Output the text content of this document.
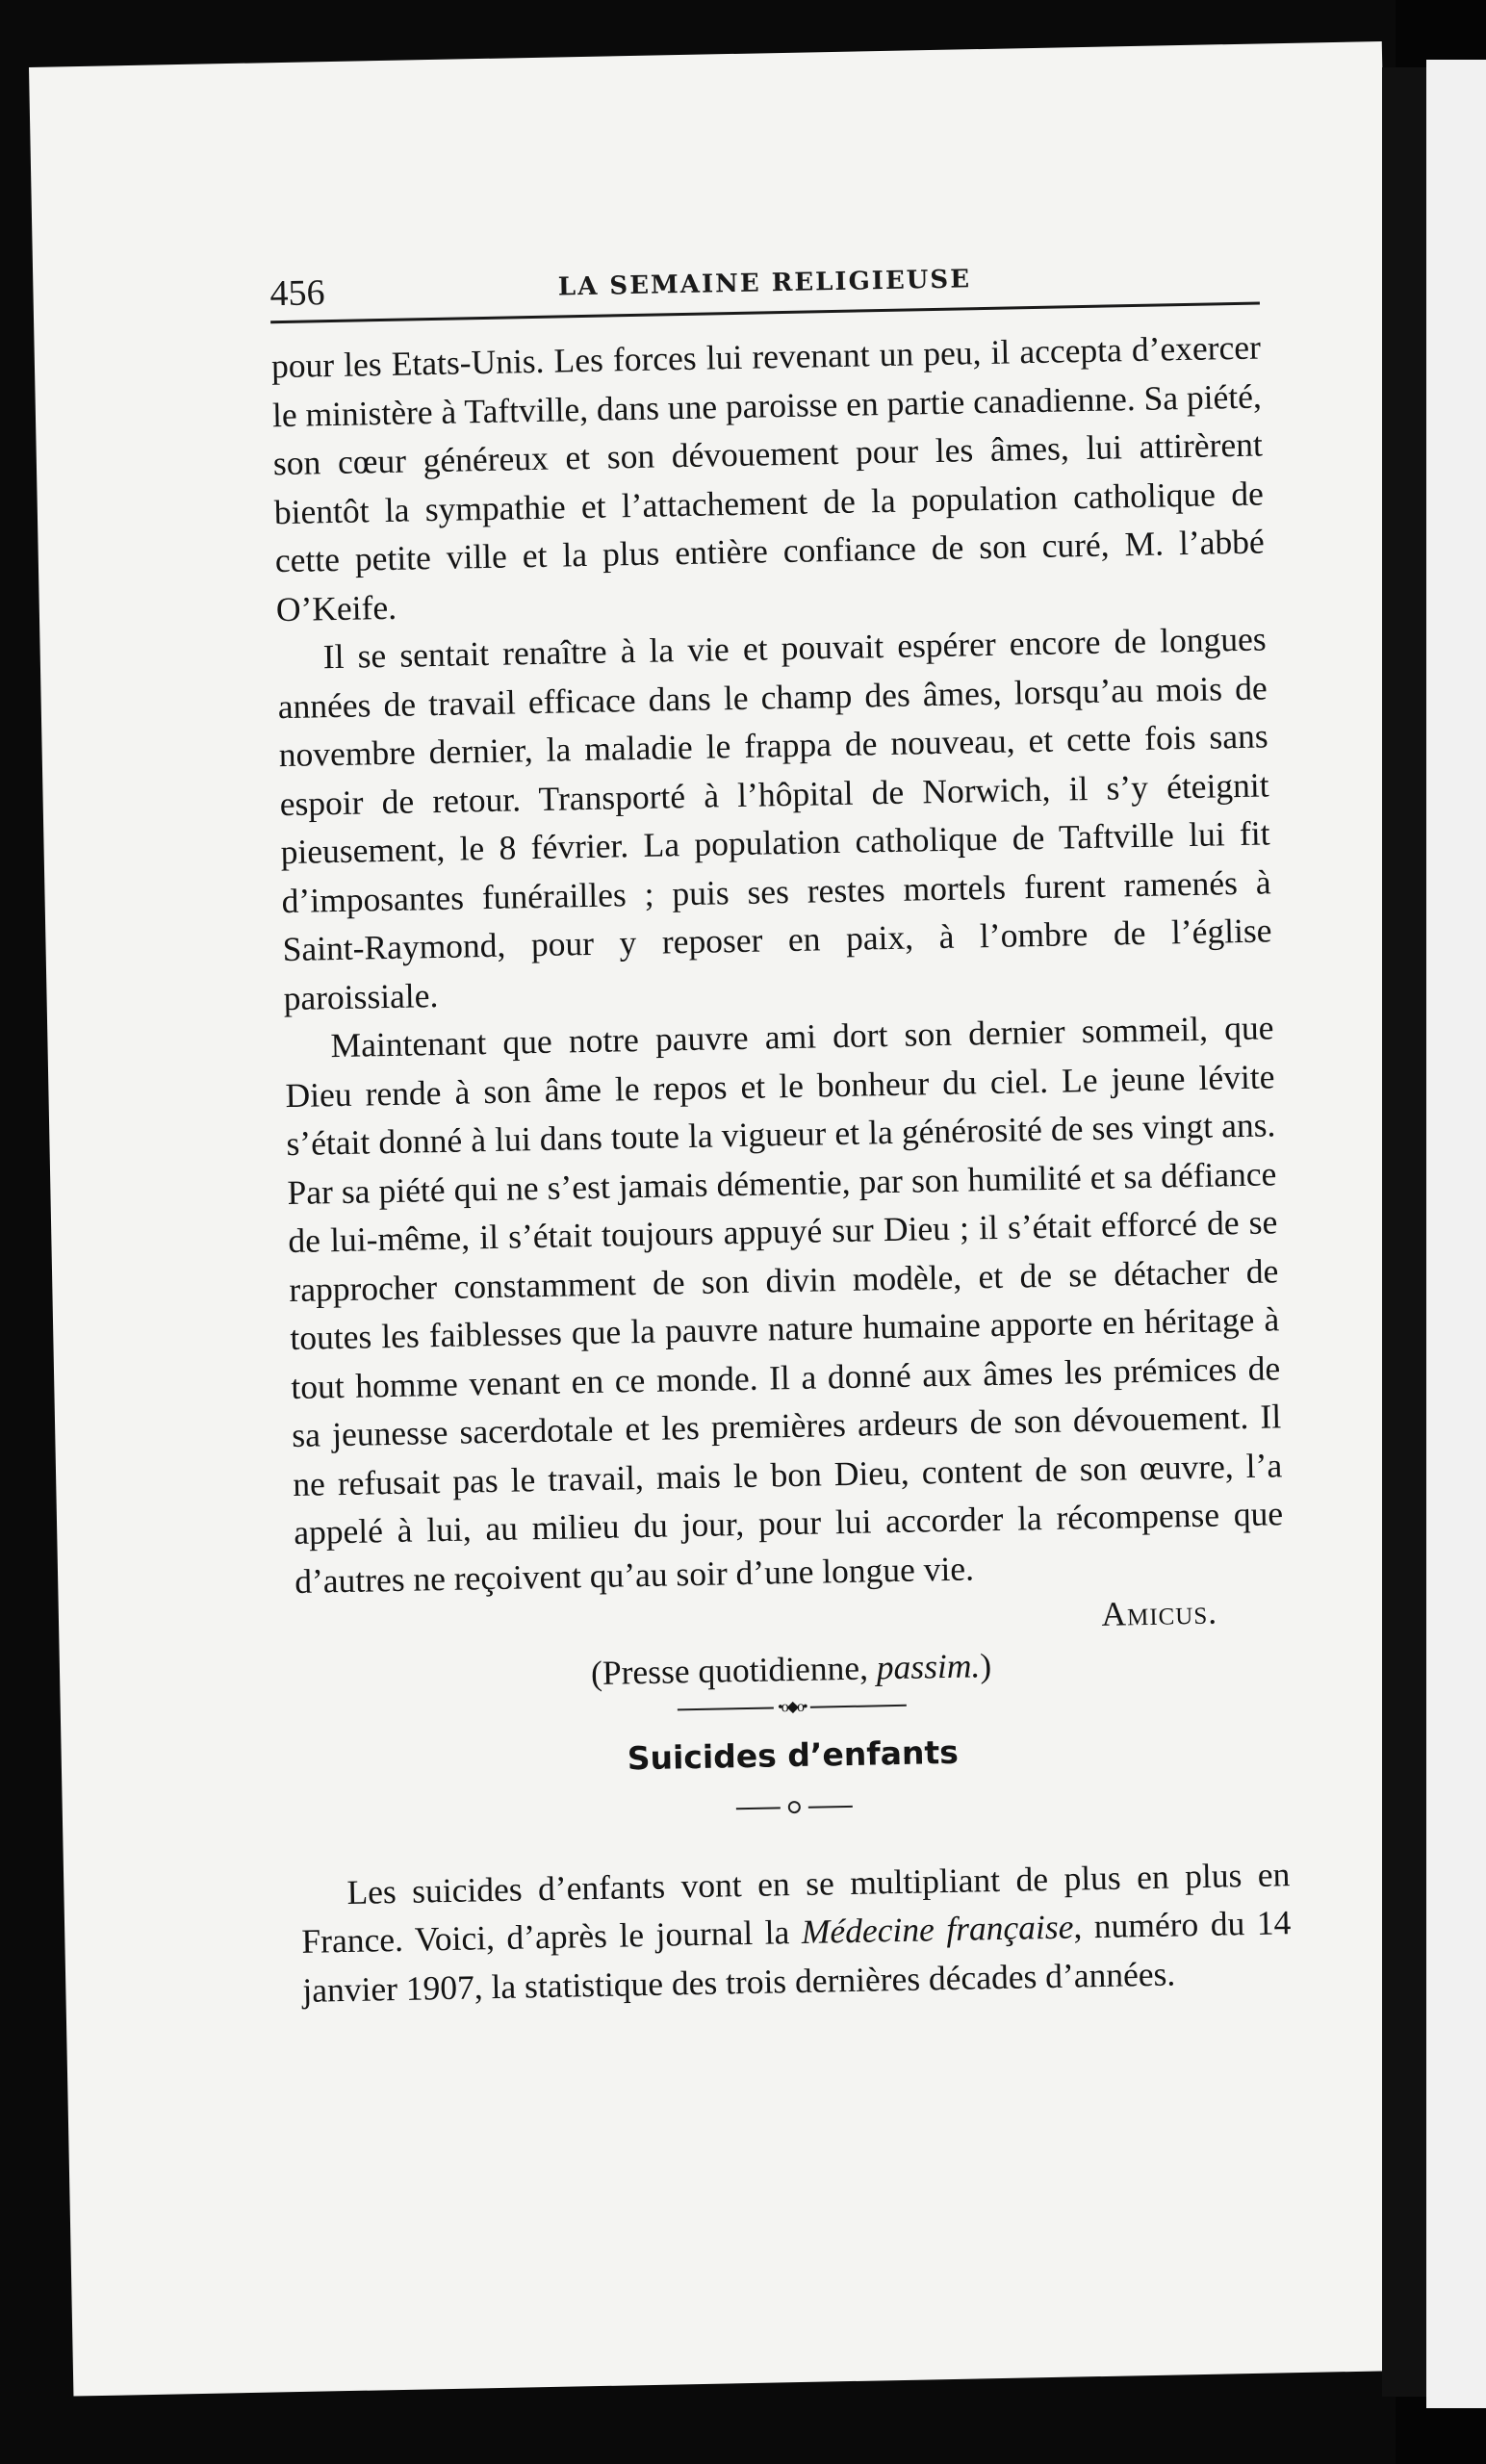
456	LA SEMAINE RELIGIEUSE

pour les Etats-Unis. Les forces lui revenant un peu, il accepta d’exercer le ministère à Taftville, dans une paroisse en partie canadienne. Sa piété, son cœur généreux et son dévouement pour les âmes, lui attirèrent bientôt la sympathie et l’attachement de la population catholique de cette petite ville et la plus entière confiance de son curé, M. l’abbé O’Keife.

Il se sentait renaître à la vie et pouvait espérer encore de longues années de travail efficace dans le champ des âmes, lorsqu’au mois de novembre dernier, la maladie le frappa de nouveau, et cette fois sans espoir de retour. Transporté à l’hôpital de Norwich, il s’y éteignit pieusement, le 8 février. La population catholique de Taftville lui fit d’imposantes funérailles ; puis ses restes mortels furent ramenés à Saint-Raymond, pour y reposer en paix, à l’ombre de l’église paroissiale.

Maintenant que notre pauvre ami dort son dernier sommeil, que Dieu rende à son âme le repos et le bonheur du ciel. Le jeune lévite s’était donné à lui dans toute la vigueur et la générosité de ses vingt ans. Par sa piété qui ne s’est jamais démentie, par son humilité et sa défiance de lui-même, il s’était toujours appuyé sur Dieu ; il s’était efforcé de se rapprocher constamment de son divin modèle, et de se détacher de toutes les faiblesses que la pauvre nature humaine apporte en héritage à tout homme venant en ce monde. Il a donné aux âmes les prémices de sa jeunesse sacerdotale et les premières ardeurs de son dévouement. Il ne refusait pas le travail, mais le bon Dieu, content de son œuvre, l’a appelé à lui, au milieu du jour, pour lui accorder la récompense que d’autres ne reçoivent qu’au soir d’une longue vie.

Amicus.

(Presse quotidienne, passim.)

•o◆o•
Suicides d’enfants

Les suicides d’enfants vont en se multipliant de plus en plus en France. Voici, d’après le journal la Médecine française, numéro du 14 janvier 1907, la statistique des trois dernières décades d’années.
